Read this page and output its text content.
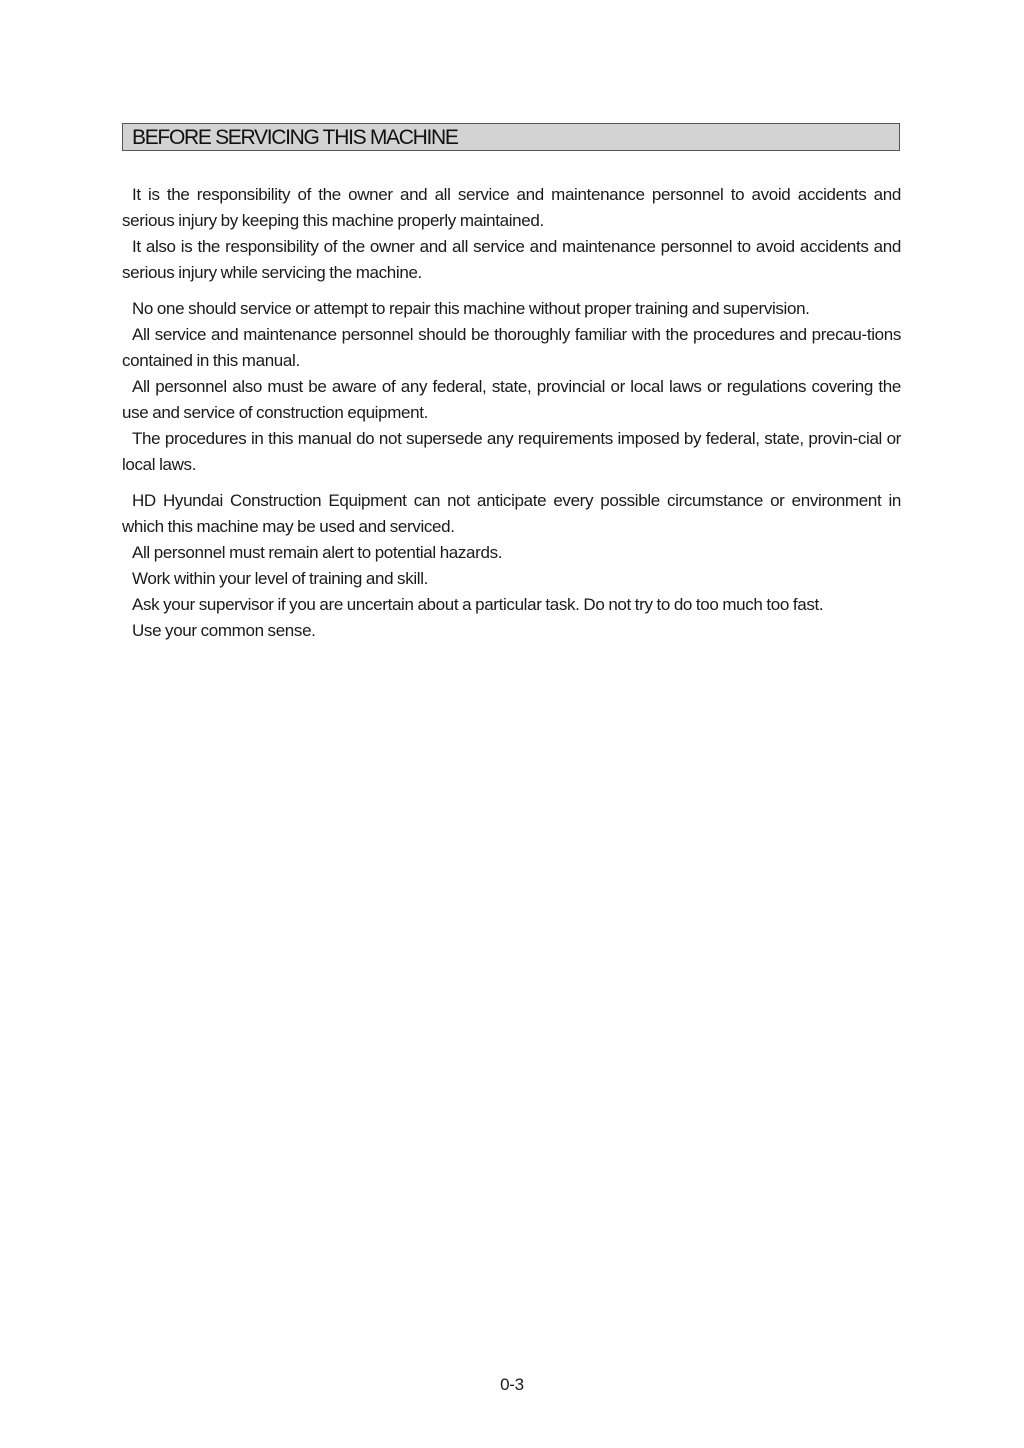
BEFORE SERVICING THIS MACHINE

It is the responsibility of the owner and all service and maintenance personnel to avoid accidents and serious injury by keeping this machine properly maintained.

It also is the responsibility of the owner and all service and maintenance personnel to avoid accidents and serious injury while servicing the machine.

No one should service or attempt to repair this machine without proper training and supervision.

All service and maintenance personnel should be thoroughly familiar with the procedures and precau-tions contained in this manual.

All personnel also must be aware of any federal, state, provincial or local laws or regulations covering the use and service of construction equipment.

The procedures in this manual do not supersede any requirements imposed by federal, state, provin-cial or local laws.

HD Hyundai Construction Equipment can not anticipate every possible circumstance or environment in which this machine may be used and serviced.

All personnel must remain alert to potential hazards.

Work within your level of training and skill.

Ask your supervisor if you are uncertain about a particular task. Do not try to do too much too fast.

Use your common sense.

0-3
